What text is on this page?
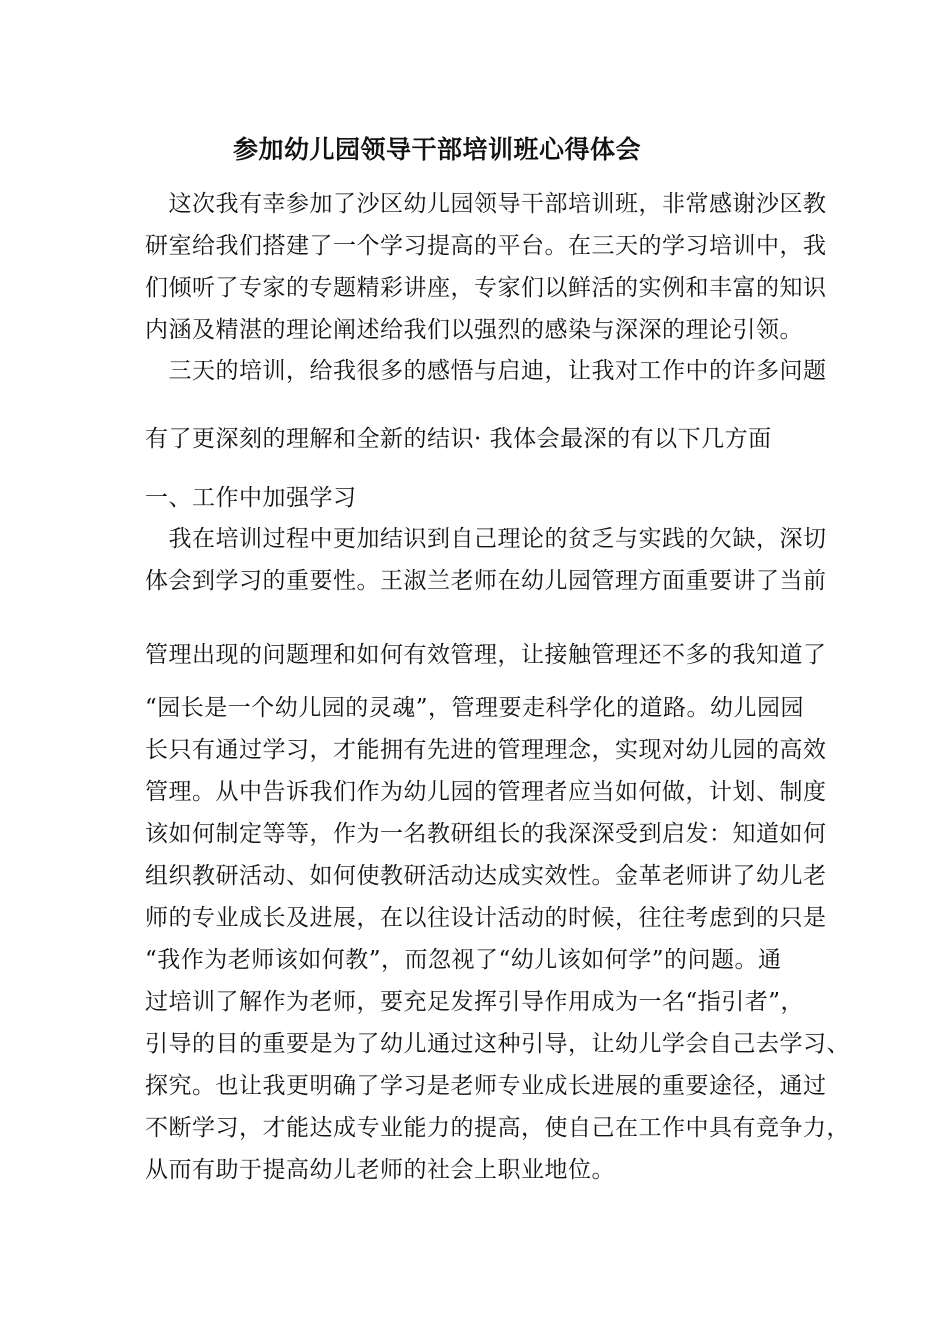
参加幼儿园领导干部培训班心得体会
　这次我有幸参加了沙区幼儿园领导干部培训班，非常感谢沙区教
研室给我们搭建了一个学习提高的平台。在三天的学习培训中，我
们倾听了专家的专题精彩讲座，专家们以鲜活的实例和丰富的知识
内涵及精湛的理论阐述给我们以强烈的感染与深深的理论引领。
　三天的培训，给我很多的感悟与启迪，让我对工作中的许多问题
有了更深刻的理解和全新的结识· 我体会最深的有以下几方面
一、工作中加强学习
　我在培训过程中更加结识到自己理论的贫乏与实践的欠缺，深切
体会到学习的重要性。王淑兰老师在幼儿园管理方面重要讲了当前
管理出现的问题理和如何有效管理，让接触管理还不多的我知道了
“园长是一个幼儿园的灵魂”，管理要走科学化的道路。幼儿园园
长只有通过学习，才能拥有先进的管理理念，实现对幼儿园的高效
管理。从中告诉我们作为幼儿园的管理者应当如何做，计划、制度
该如何制定等等，作为一名教研组长的我深深受到启发：知道如何
组织教研活动、如何使教研活动达成实效性。金革老师讲了幼儿老
师的专业成长及进展，在以往设计活动的时候，往往考虑到的只是
“我作为老师该如何教”，而忽视了“幼儿该如何学”的问题。通
过培训了解作为老师，要充足发挥引导作用成为一名“指引者”，
引导的目的重要是为了幼儿通过这种引导，让幼儿学会自己去学习、
探究。也让我更明确了学习是老师专业成长进展的重要途径，通过
不断学习，才能达成专业能力的提高，使自己在工作中具有竞争力，
从而有助于提高幼儿老师的社会上职业地位。
